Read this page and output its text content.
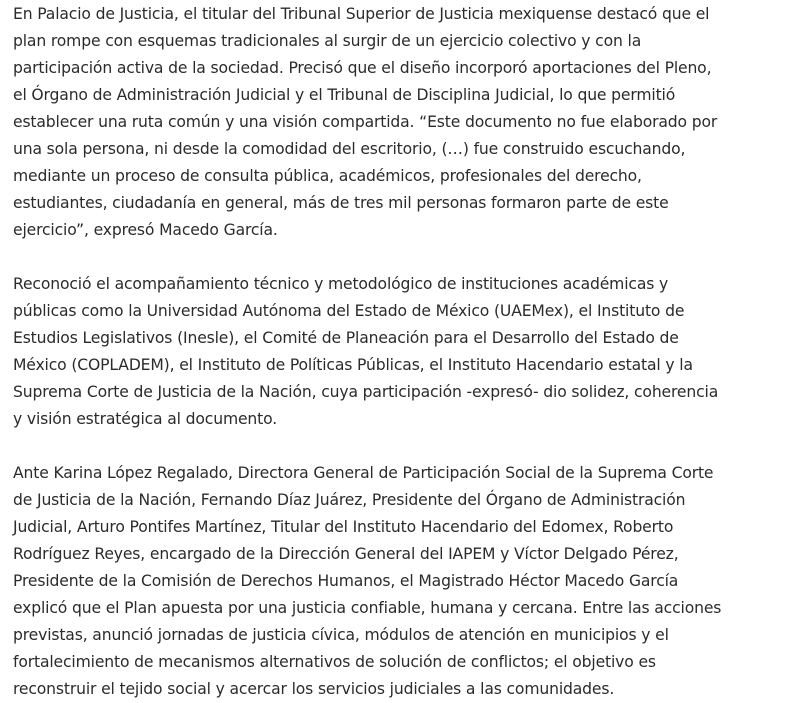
En Palacio de Justicia, el titular del Tribunal Superior de Justicia mexiquense destacó que el
plan rompe con esquemas tradicionales al surgir de un ejercicio colectivo y con la
participación activa de la sociedad. Precisó que el diseño incorporó aportaciones del Pleno,
el Órgano de Administración Judicial y el Tribunal de Disciplina Judicial, lo que permitió
establecer una ruta común y una visión compartida. “Este documento no fue elaborado por
una sola persona, ni desde la comodidad del escritorio, (…) fue construido escuchando,
mediante un proceso de consulta pública, académicos, profesionales del derecho,
estudiantes, ciudadanía en general, más de tres mil personas formaron parte de este
ejercicio”, expresó Macedo García.

Reconoció el acompañamiento técnico y metodológico de instituciones académicas y
públicas como la Universidad Autónoma del Estado de México (UAEMex), el Instituto de
Estudios Legislativos (Inesle), el Comité de Planeación para el Desarrollo del Estado de
México (COPLADEM), el Instituto de Políticas Públicas, el Instituto Hacendario estatal y la
Suprema Corte de Justicia de la Nación, cuya participación -expresó- dio solidez, coherencia
y visión estratégica al documento.

Ante Karina López Regalado, Directora General de Participación Social de la Suprema Corte
de Justicia de la Nación, Fernando Díaz Juárez, Presidente del Órgano de Administración
Judicial, Arturo Pontifes Martínez, Titular del Instituto Hacendario del Edomex, Roberto
Rodríguez Reyes, encargado de la Dirección General del IAPEM y Víctor Delgado Pérez,
Presidente de la Comisión de Derechos Humanos, el Magistrado Héctor Macedo García
explicó que el Plan apuesta por una justicia confiable, humana y cercana. Entre las acciones
previstas, anunció jornadas de justicia cívica, módulos de atención en municipios y el
fortalecimiento de mecanismos alternativos de solución de conflictos; el objetivo es
reconstruir el tejido social y acercar los servicios judiciales a las comunidades.
